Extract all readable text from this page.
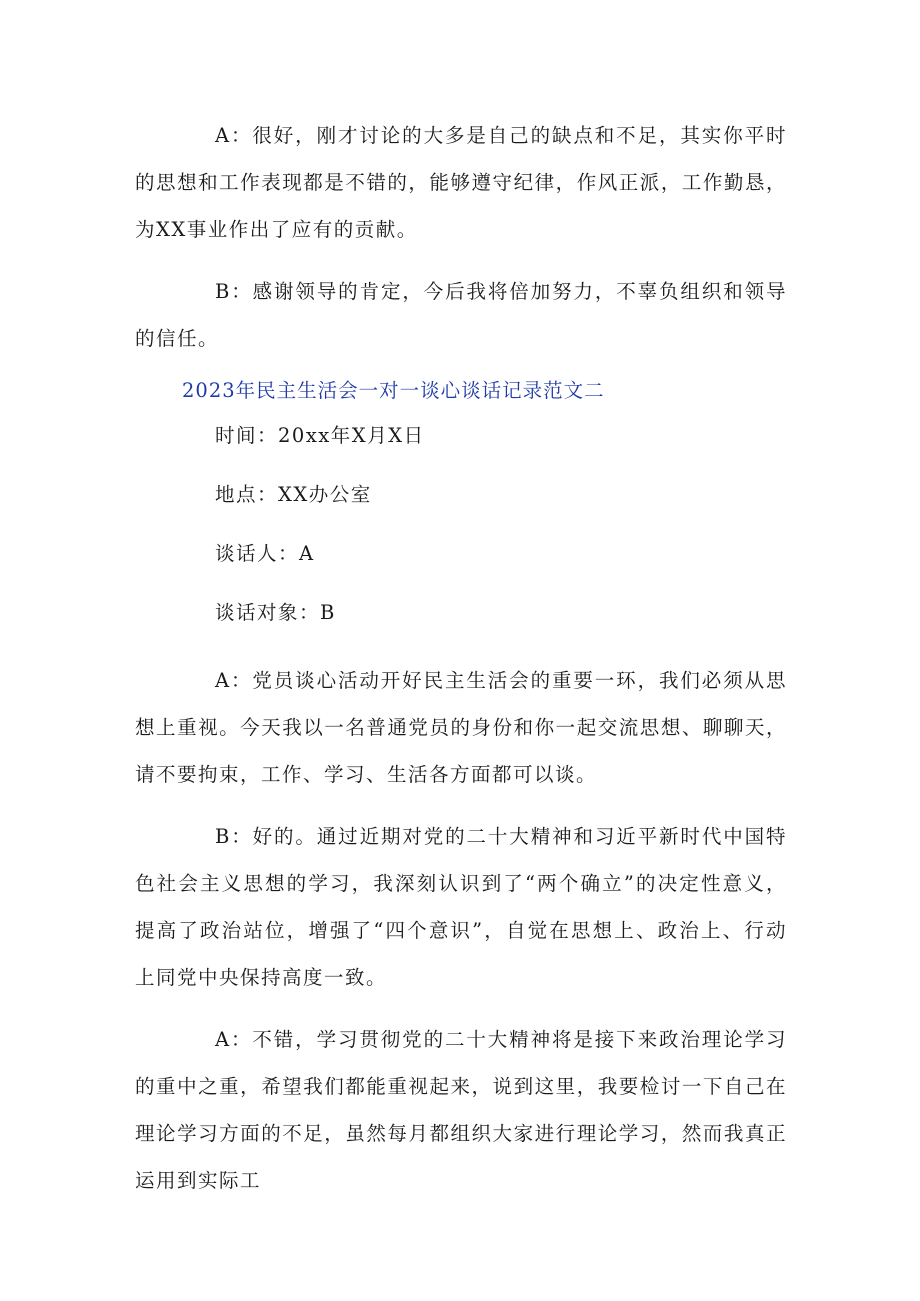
A：很好，刚才讨论的大多是自己的缺点和不足，其实你平时的思想和工作表现都是不错的，能够遵守纪律，作风正派，工作勤恳，为XX事业作出了应有的贡献。

B：感谢领导的肯定，今后我将倍加努力，不辜负组织和领导的信任。

2023年民主生活会一对一谈心谈话记录范文二
时间：20xx年X月X日
地点：XX办公室
谈话人：A
谈话对象：B

A：党员谈心活动开好民主生活会的重要一环，我们必须从思想上重视。今天我以一名普通党员的身份和你一起交流思想、聊聊天，请不要拘束，工作、学习、生活各方面都可以谈。

B：好的。通过近期对党的二十大精神和习近平新时代中国特色社会主义思想的学习，我深刻认识到了“两个确立”的决定性意义，提高了政治站位，增强了“四个意识”，自觉在思想上、政治上、行动上同党中央保持高度一致。

A：不错，学习贯彻党的二十大精神将是接下来政治理论学习的重中之重，希望我们都能重视起来，说到这里，我要检讨一下自己在理论学习方面的不足，虽然每月都组织大家进行理论学习，然而我真正运用到实际工
